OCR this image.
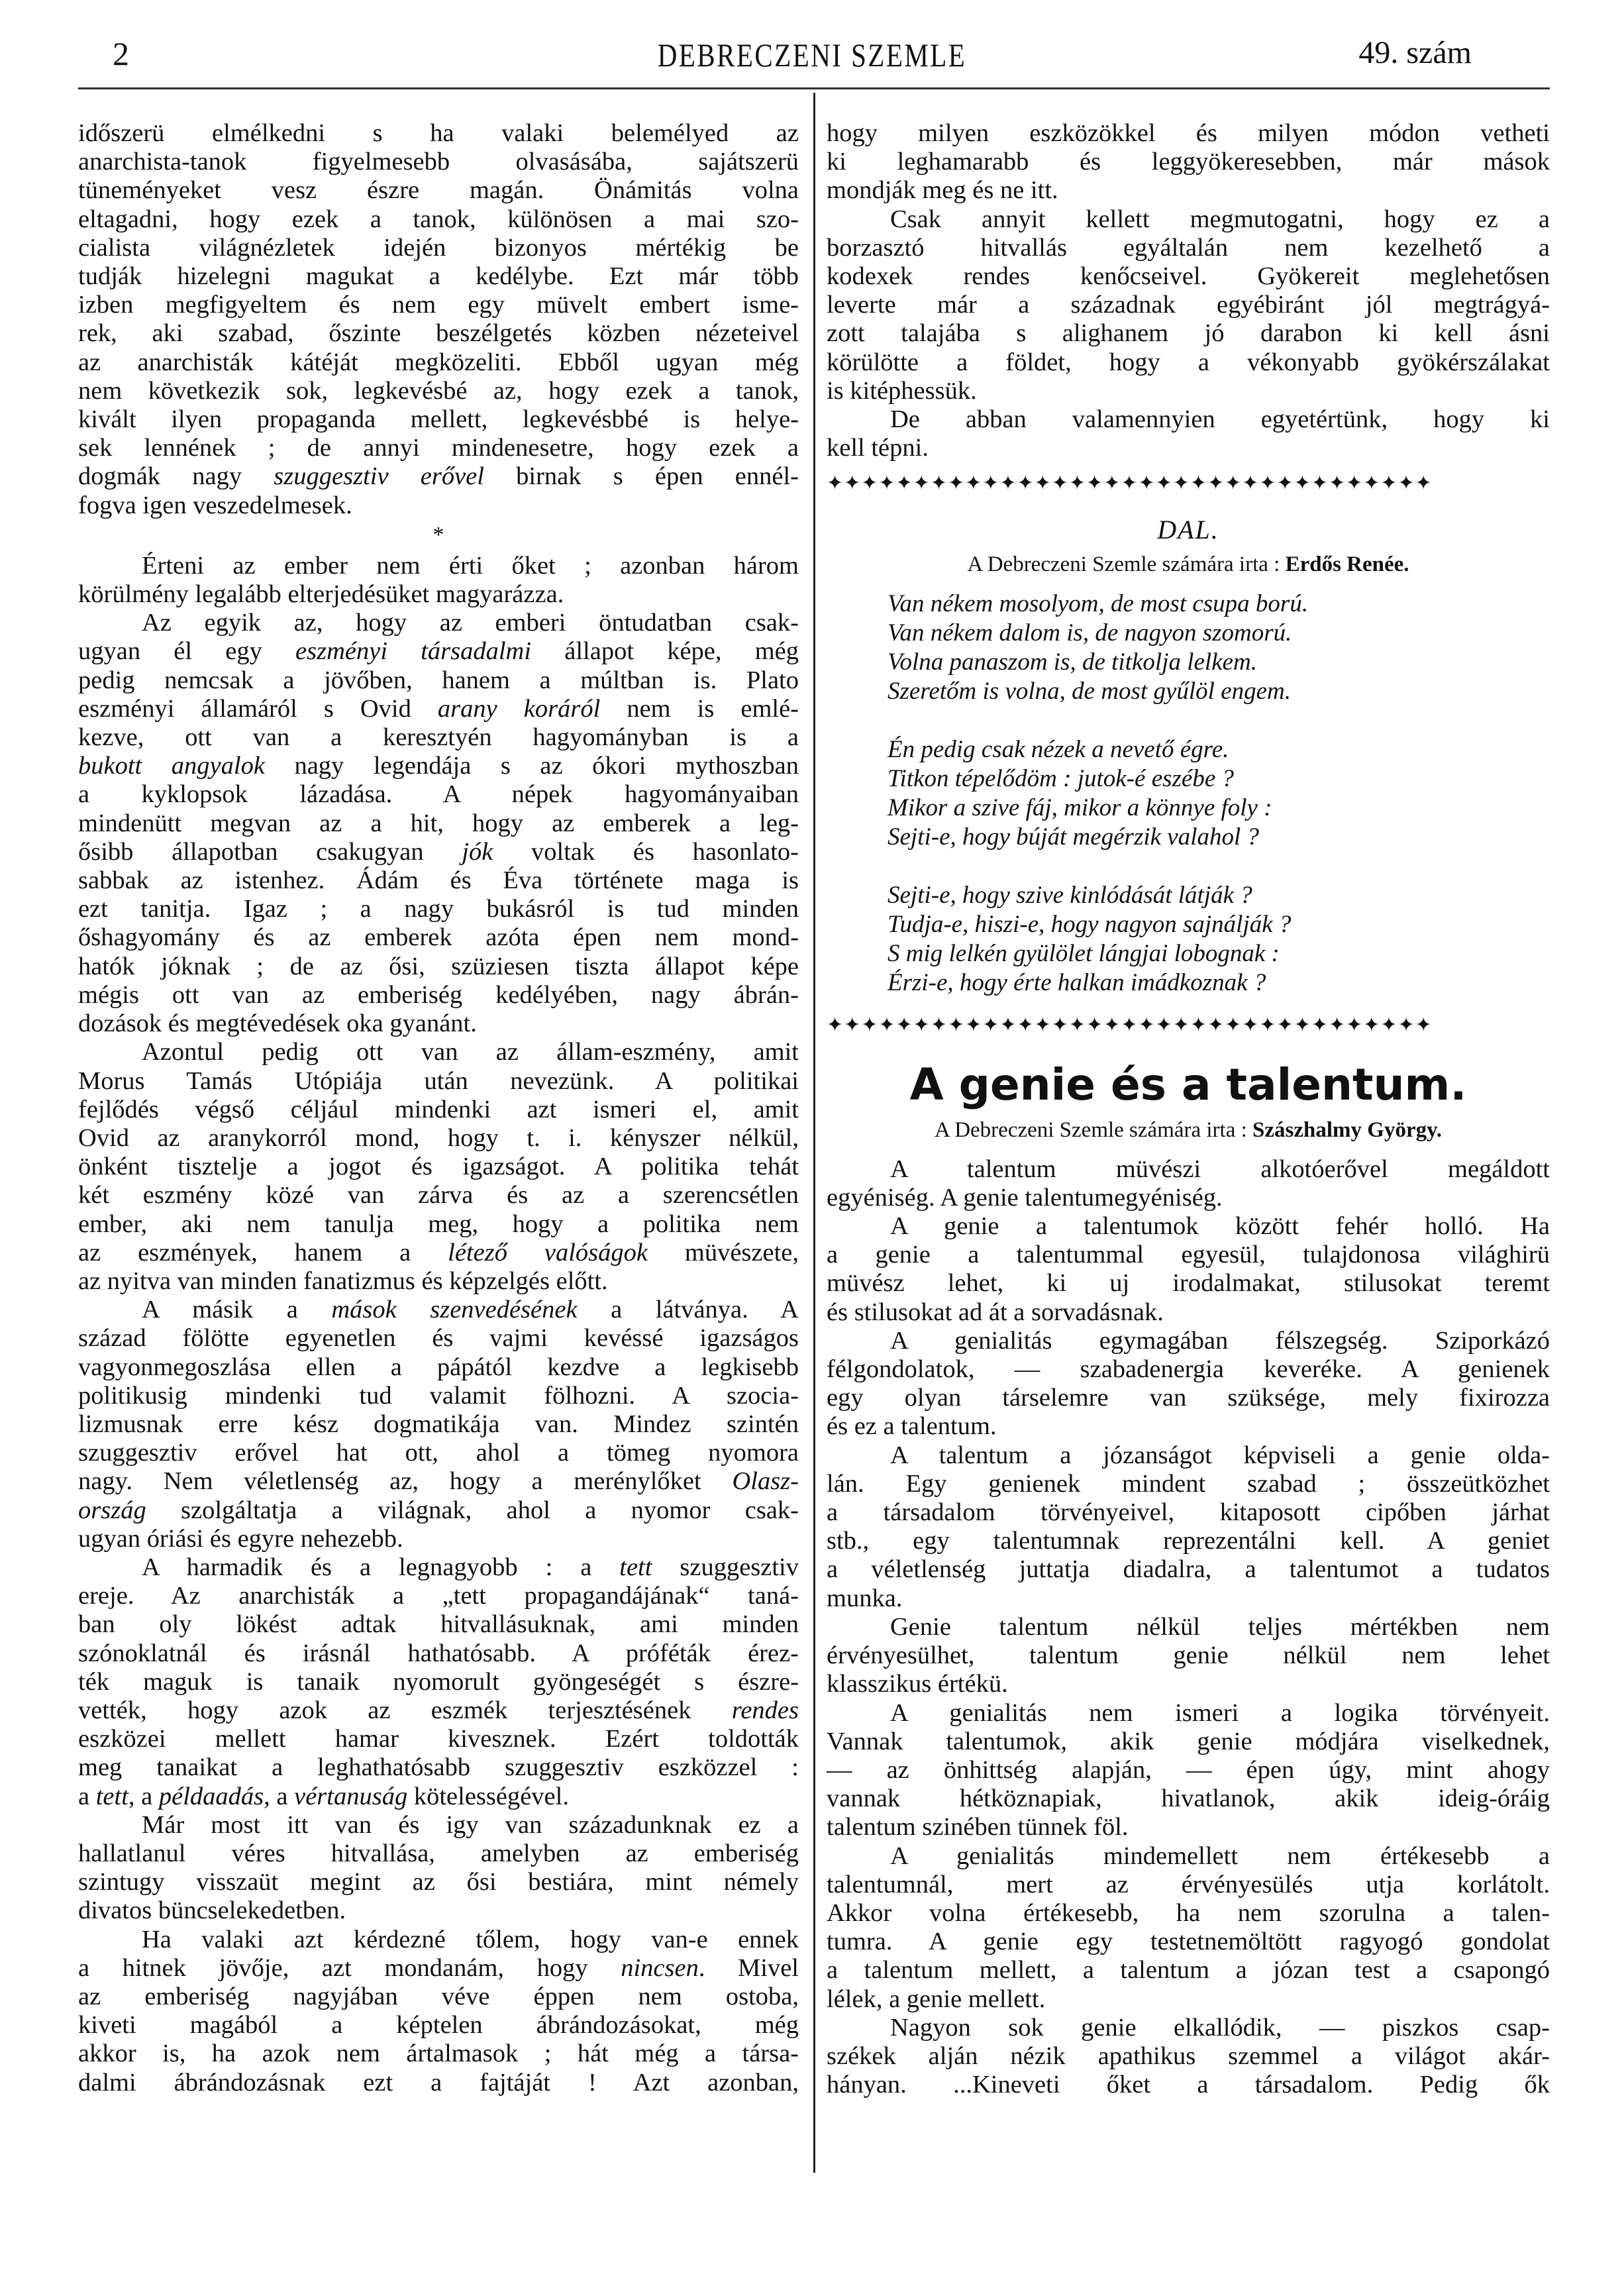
2	DEBRECZENI SZEMLE	49. szám

időszerü elmélkedni s ha valaki belemélyed az
anarchista-tanok figyelmesebb olvasásába, sajátszerü
tüneményeket vesz észre magán. Önámitás volna
eltagadni, hogy ezek a tanok, különösen a mai szo-
cialista világnézletek idején bizonyos mértékig be
tudják hizelegni magukat a kedélybe. Ezt már több
izben megfigyeltem és nem egy müvelt embert isme-
rek, aki szabad, őszinte beszélgetés közben nézeteivel
az anarchisták kátéját megközeliti. Ebből ugyan még
nem következik sok, legkevésbé az, hogy ezek a tanok,
kivált ilyen propaganda mellett, legkevésbbé is helye-
sek lennének ; de annyi mindenesetre, hogy ezek a
dogmák nagy szuggesztiv erővel birnak s épen ennél-
fogva igen veszedelmesek.

*

Érteni az ember nem érti őket ; azonban három
körülmény legalább elterjedésüket magyarázza.

Az egyik az, hogy az emberi öntudatban csak-
ugyan él egy eszményi társadalmi állapot képe, még
pedig nemcsak a jövőben, hanem a múltban is. Plato
eszményi államáról s Ovid arany koráról nem is emlé-
kezve, ott van a keresztyén hagyományban is a
bukott angyalok nagy legendája s az ókori mythoszban
a kyklopsok lázadása. A népek hagyományaiban
mindenütt megvan az a hit, hogy az emberek a leg-
ősibb állapotban csakugyan jók voltak és hasonlato-
sabbak az istenhez. Ádám és Éva története maga is
ezt tanitja. Igaz ; a nagy bukásról is tud minden
őshagyomány és az emberek azóta épen nem mond-
hatók jóknak ; de az ősi, szüziesen tiszta állapot képe
mégis ott van az emberiség kedélyében, nagy ábrán-
dozások és megtévedések oka gyanánt.

Azontul pedig ott van az állam-eszmény, amit
Morus Tamás Utópiája után nevezünk. A politikai
fejlődés végső céljául mindenki azt ismeri el, amit
Ovid az aranykorról mond, hogy t. i. kényszer nélkül,
önként tisztelje a jogot és igazságot. A politika tehát
két eszmény közé van zárva és az a szerencsétlen
ember, aki nem tanulja meg, hogy a politika nem
az eszmények, hanem a létező valóságok müvészete,
az nyitva van minden fanatizmus és képzelgés előtt.

A másik a mások szenvedésének a látványa. A
század fölötte egyenetlen és vajmi kevéssé igazságos
vagyonmegoszlása ellen a pápától kezdve a legkisebb
politikusig mindenki tud valamit fölhozni. A szocia-
lizmusnak erre kész dogmatikája van. Mindez szintén
szuggesztiv erővel hat ott, ahol a tömeg nyomora
nagy. Nem véletlenség az, hogy a merénylőket Olasz-
ország szolgáltatja a világnak, ahol a nyomor csak-
ugyan óriási és egyre nehezebb.

A harmadik és a legnagyobb : a tett szuggesztiv
ereje. Az anarchisták a „tett propagandájának“ taná-
ban oly lökést adtak hitvallásuknak, ami minden
szónoklatnál és irásnál hathatósabb. A próféták érez-
ték maguk is tanaik nyomorult gyöngeségét s észre-
vették, hogy azok az eszmék terjesztésének rendes
eszközei mellett hamar kivesznek. Ezért toldották
meg tanaikat a leghathatósabb szuggesztiv eszközzel :
a tett, a példaadás, a vértanuság kötelességével.

Már most itt van és igy van századunknak ez a
hallatlanul véres hitvallása, amelyben az emberiség
szintugy visszaüt megint az ősi bestiára, mint némely
divatos büncselekedetben.

Ha valaki azt kérdezné tőlem, hogy van-e ennek
a hitnek jövője, azt mondanám, hogy nincsen. Mivel
az emberiség nagyjában véve éppen nem ostoba,
kiveti magából a képtelen ábrándozásokat, még
akkor is, ha azok nem ártalmasok ; hát még a társa-
dalmi ábrándozásnak ezt a fajtáját ! Azt azonban,

hogy milyen eszközökkel és milyen módon vetheti
ki leghamarabb és leggyökeresebben, már mások
mondják meg és ne itt.

Csak annyit kellett megmutogatni, hogy ez a
borzasztó hitvallás egyáltalán nem kezelhető a
kodexek rendes kenőcseivel. Gyökereit meglehetősen
leverte már a századnak egyébiránt jól megtrágyá-
zott talajába s alighanem jó darabon ki kell ásni
körülötte a földet, hogy a vékonyabb gyökérszálakat
is kitéphessük.

De abban valamennyien egyetértünk, hogy ki
kell tépni.

✦✦✦✦✦✦✦✦✦✦✦✦✦✦✦✦✦✦✦✦✦✦✦✦✦✦✦✦✦✦✦✦✦✦✦
DAL.
A Debreczeni Szemle számára irta : Erdős Renée.
Van nékem mosolyom, de most csupa ború.
Van nékem dalom is, de nagyon szomorú.
Volna panaszom is, de titkolja lelkem.
Szeretőm is volna, de most gyűlöl engem.
Én pedig csak nézek a nevető égre.
Titkon tépelődöm : jutok-é eszébe ?
Mikor a szive fáj, mikor a könnye foly :
Sejti-e, hogy búját megérzik valahol ?
Sejti-e, hogy szive kinlódását látják ?
Tudja-e, hiszi-e, hogy nagyon sajnálják ?
S mig lelkén gyülölet lángjai lobognak :
Érzi-e, hogy érte halkan imádkoznak ?
✦✦✦✦✦✦✦✦✦✦✦✦✦✦✦✦✦✦✦✦✦✦✦✦✦✦✦✦✦✦✦✦✦✦✦
A genie és a talentum.
A Debreczeni Szemle számára irta : Szászhalmy György.

A talentum müvészi alkotóerővel megáldott
egyéniség. A genie talentumegyéniség.

A genie a talentumok között fehér holló. Ha
a genie a talentummal egyesül, tulajdonosa világhirü
müvész lehet, ki uj irodalmakat, stilusokat teremt
és stilusokat ad át a sorvadásnak.

A genialitás egymagában félszegség. Sziporkázó
félgondolatok, — szabadenergia keveréke. A genienek
egy olyan társelemre van szüksége, mely fixirozza
és ez a talentum.

A talentum a józanságot képviseli a genie olda-
lán. Egy genienek mindent szabad ; összeütközhet
a társadalom törvényeivel, kitaposott cipőben járhat
stb., egy talentumnak reprezentálni kell. A geniet
a véletlenség juttatja diadalra, a talentumot a tudatos
munka.

Genie talentum nélkül teljes mértékben nem
érvényesülhet, talentum genie nélkül nem lehet
klasszikus értékü.

A genialitás nem ismeri a logika törvényeit.
Vannak talentumok, akik genie módjára viselkednek,
— az önhittség alapján, — épen úgy, mint ahogy
vannak hétköznapiak, hivatlanok, akik ideig-óráig
talentum szinében tünnek föl.

A genialitás mindemellett nem értékesebb a
talentumnál, mert az érvényesülés utja korlátolt.
Akkor volna értékesebb, ha nem szorulna a talen-
tumra. A genie egy testetnemöltött ragyogó gondolat
a talentum mellett, a talentum a józan test a csapongó
lélek, a genie mellett.

Nagyon sok genie elkallódik, — piszkos csap-
székek alján nézik apathikus szemmel a világot akár-
hányan. ...Kineveti őket a társadalom. Pedig ők
